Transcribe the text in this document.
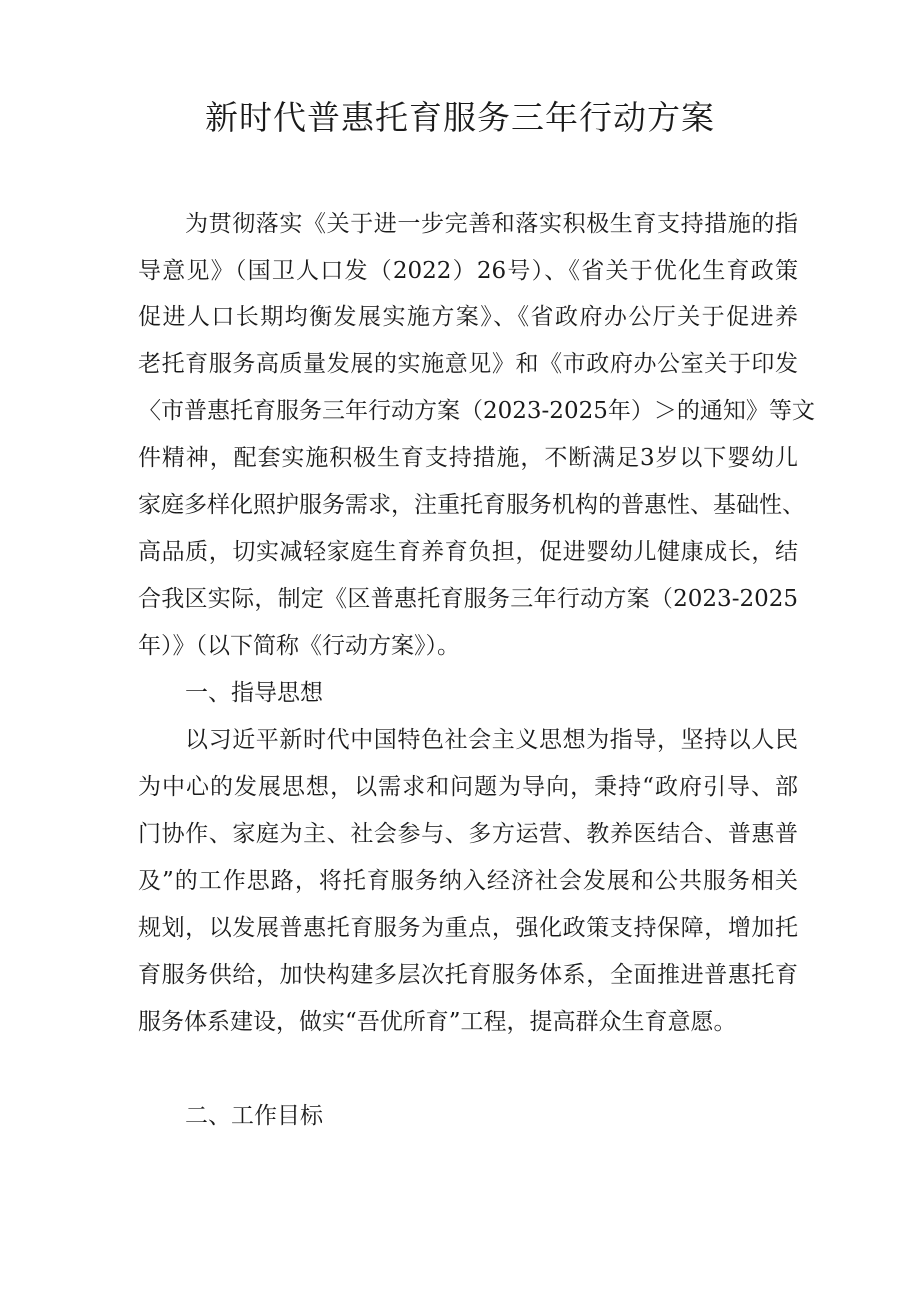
新时代普惠托育服务三年行动方案

为贯彻落实《关于进一步完善和落实积极生育支持措施的指

导意见》（国卫人口发（2022）26号）、《省关于优化生育政策

促进人口长期均衡发展实施方案》、《省政府办公厅关于促进养

老托育服务高质量发展的实施意见》和《市政府办公室关于印发

〈市普惠托育服务三年行动方案（2023-2025年）＞的通知》等文

件精神，配套实施积极生育支持措施，不断满足3岁以下婴幼儿

家庭多样化照护服务需求，注重托育服务机构的普惠性、基础性、

高品质，切实减轻家庭生育养育负担，促进婴幼儿健康成长，结

合我区实际，制定《区普惠托育服务三年行动方案（2023-2025

年）》（以下简称《行动方案》）。

一、指导思想

以习近平新时代中国特色社会主义思想为指导，坚持以人民

为中心的发展思想，以需求和问题为导向，秉持“政府引导、部

门协作、家庭为主、社会参与、多方运营、教养医结合、普惠普

及”的工作思路，将托育服务纳入经济社会发展和公共服务相关

规划，以发展普惠托育服务为重点，强化政策支持保障，增加托

育服务供给，加快构建多层次托育服务体系，全面推进普惠托育

服务体系建设，做实“吾优所育”工程，提高群众生育意愿。

二、工作目标
